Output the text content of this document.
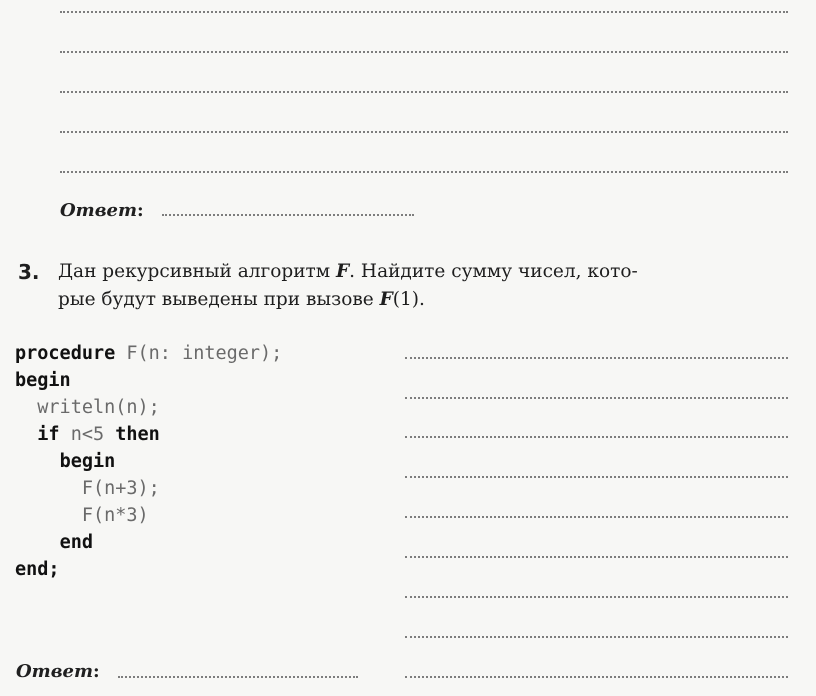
Ответ:
3. Дан рекурсивный алгоритм F. Найдите сумму чисел, кото-
рые будут выведены при вызове F(1).
procedure F(n: integer);
begin
writeln(n);
if n<5 then
begin
F(n+3);
F(n*3)
end
end;
Ответ:
